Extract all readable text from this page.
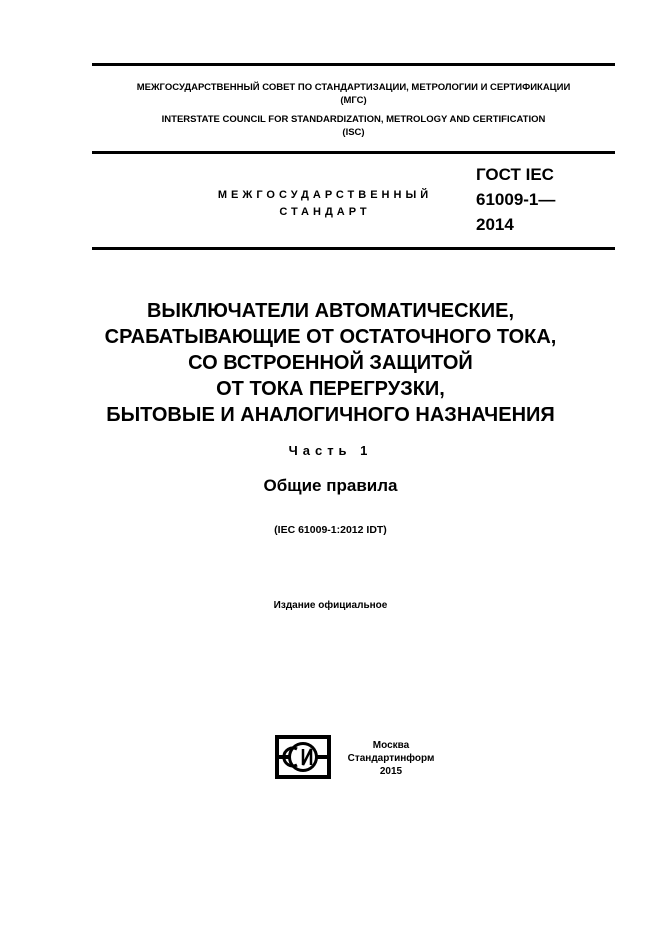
МЕЖГОСУДАРСТВЕННЫЙ СОВЕТ ПО СТАНДАРТИЗАЦИИ, МЕТРОЛОГИИ И СЕРТИФИКАЦИИ
(МГС)
INTERSTATE COUNCIL FOR STANDARDIZATION, METROLOGY AND CERTIFICATION
(ISC)
МЕЖГОСУДАРСТВЕННЫЙ
СТАНДАРТ
ГОСТ IEC
61009-1—
2014
ВЫКЛЮЧАТЕЛИ АВТОМАТИЧЕСКИЕ,
СРАБАТЫВАЮЩИЕ ОТ ОСТАТОЧНОГО ТОКА,
СО ВСТРОЕННОЙ ЗАЩИТОЙ
ОТ ТОКА ПЕРЕГРУЗКИ,
БЫТОВЫЕ И АНАЛОГИЧНОГО НАЗНАЧЕНИЯ
Часть 1
Общие правила
(IEC 61009-1:2012 IDT)
Издание официальное
Москва
Стандартинформ
2015
